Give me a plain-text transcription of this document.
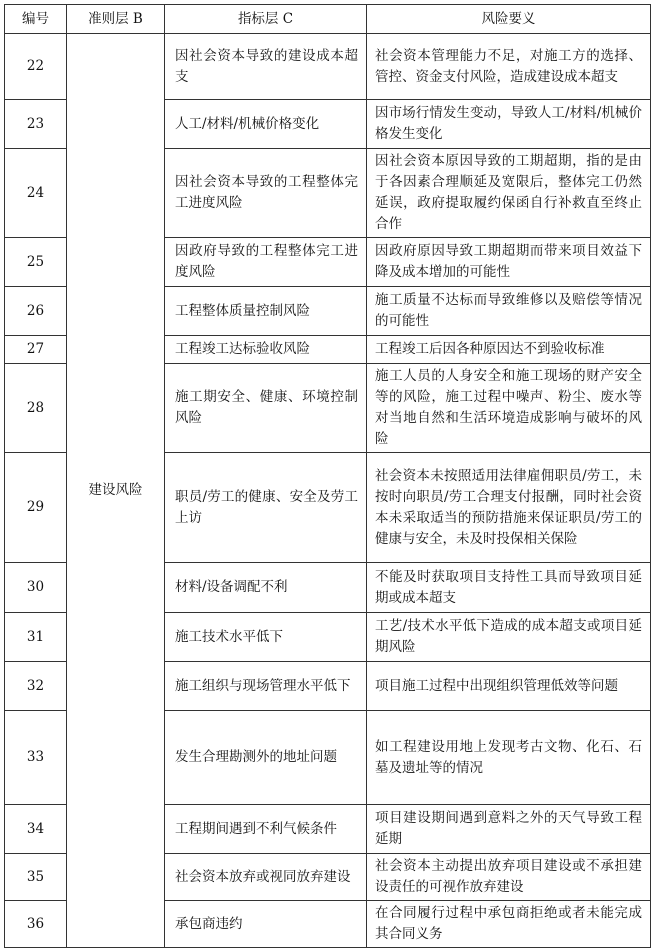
编号	准则层 B	指标层 C	风险要义
22	建设风险	因社会资本导致的建设成本超支	社会资本管理能力不足，对施工方的选择、管控、资金支付风险，造成建设成本超支
23		人工/材料/机械价格变化	因市场行情发生变动，导致人工/材料/机械价格发生变化
24		因社会资本导致的工程整体完工进度风险	因社会资本原因导致的工期超期，指的是由于各因素合理顺延及宽限后，整体完工仍然延误，政府提取履约保函自行补救直至终止合作
25		因政府导致的工程整体完工进度风险	因政府原因导致工期超期而带来项目效益下降及成本增加的可能性
26		工程整体质量控制风险	施工质量不达标而导致维修以及赔偿等情况的可能性
27		工程竣工达标验收风险	工程竣工后因各种原因达不到验收标准
28		施工期安全、健康、环境控制风险	施工人员的人身安全和施工现场的财产安全等的风险，施工过程中噪声、粉尘、废水等对当地自然和生活环境造成影响与破坏的风险
29		职员/劳工的健康、安全及劳工上访	社会资本未按照适用法律雇佣职员/劳工，未按时向职员/劳工合理支付报酬，同时社会资本未采取适当的预防措施来保证职员/劳工的健康与安全，未及时投保相关保险
30		材料/设备调配不利	不能及时获取项目支持性工具而导致项目延期或成本超支
31		施工技术水平低下	工艺/技术水平低下造成的成本超支或项目延期风险
32		施工组织与现场管理水平低下	项目施工过程中出现组织管理低效等问题
33		发生合理勘测外的地址问题	如工程建设用地上发现考古文物、化石、石墓及遗址等的情况
34		工程期间遇到不利气候条件	项目建设期间遇到意料之外的天气导致工程延期
35		社会资本放弃或视同放弃建设	社会资本主动提出放弃项目建设或不承担建设责任的可视作放弃建设
36		承包商违约	在合同履行过程中承包商拒绝或者未能完成其合同义务
